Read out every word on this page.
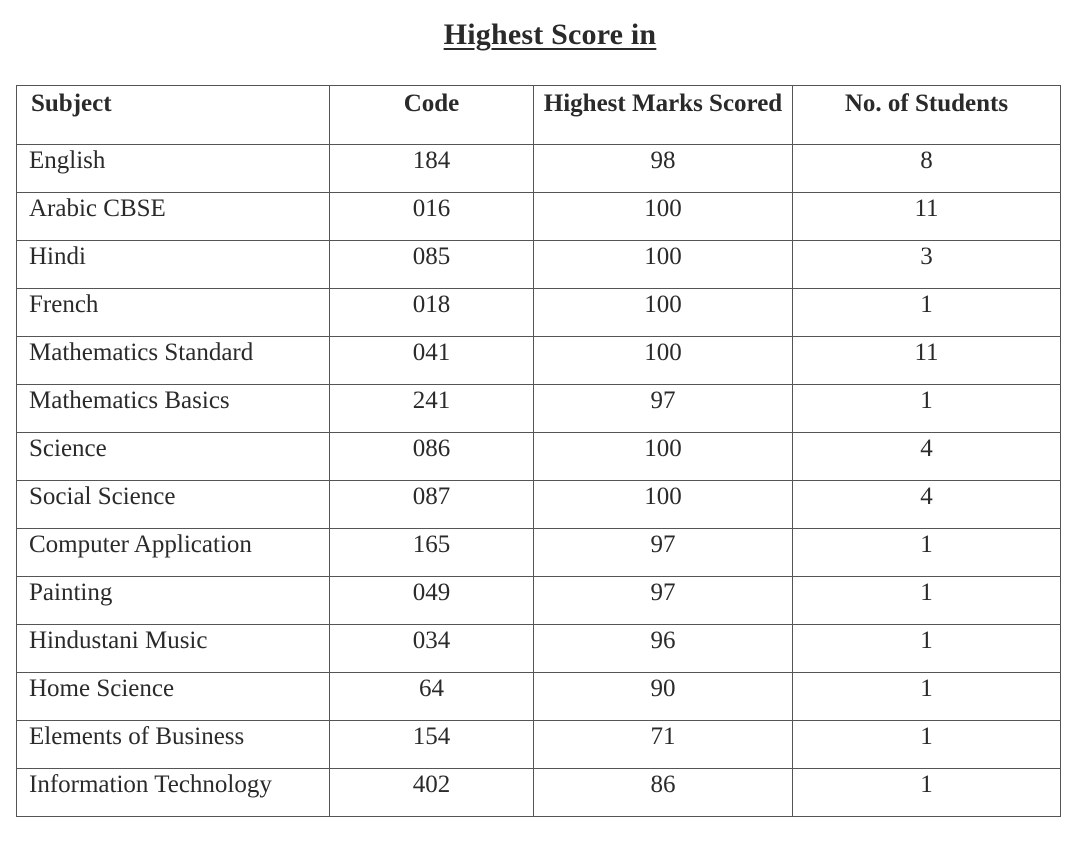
Highest Score in
Subject	Code	Highest Marks Scored	No. of Students
English	184	98	8
Arabic CBSE	016	100	11
Hindi	085	100	3
French	018	100	1
Mathematics Standard	041	100	11
Mathematics Basics	241	97	1
Science	086	100	4
Social Science	087	100	4
Computer Application	165	97	1
Painting	049	97	1
Hindustani Music	034	96	1
Home Science	64	90	1
Elements of Business	154	71	1
Information Technology	402	86	1
